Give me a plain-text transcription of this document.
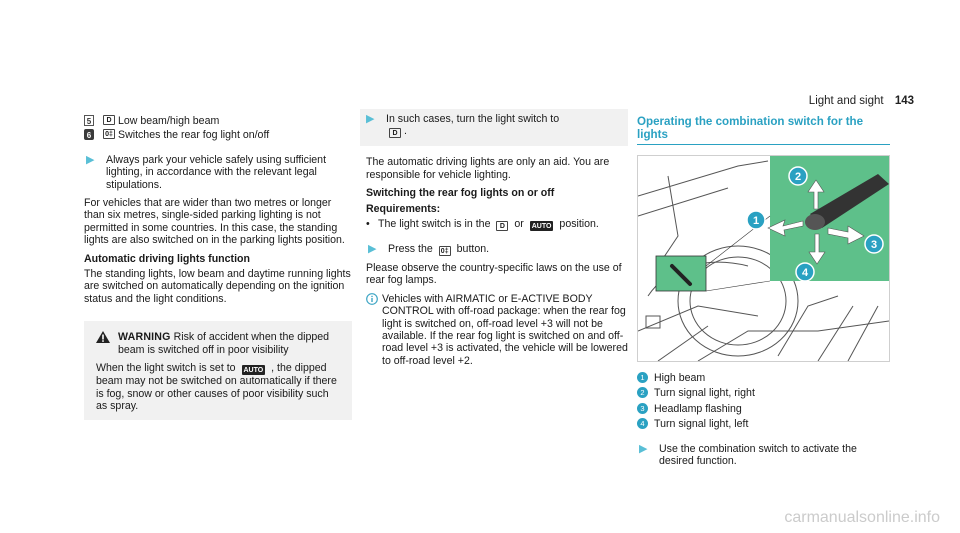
Light and sight 143
5	D Low beam/high beam
6	0‡ Switches the rear fog light on/off
▶	Always park your vehicle safely using sufficient lighting, in accordance with the relevant legal stipulations.

For vehicles that are wider than two metres or longer than six metres, single-sided parking lighting is not permitted in some countries. In this case, the standing lights are also switched on in the parking lights position.

Automatic driving lights function

The standing lights, low beam and daytime running lights are switched on automatically depending on the ignition status and the light conditions.

WARNING Risk of accident when the dipped beam is switched off in poor visibility
When the light switch is set to AUTO , the dipped beam may not be switched on automatically if there is fog, snow or other causes of poor visibility such as spray.
▶	In such cases, turn the light switch to
D .

The automatic driving lights are only an aid. You are responsible for vehicle lighting.

Switching the rear fog lights on or off
Requirements:
• The light switch is in the D or AUTO position.
▶	Press the 0‡ button.

Please observe the country-specific laws on the use of rear fog lamps.

Vehicles with AIRMATIC or E-ACTIVE BODY CONTROL with off-road package: when the rear fog light is switched on, off-road level +3 will not be available. If the rear fog light is switched on and off-road level +3 is activated, the vehicle will be lowered to off-road level +2.
Operating the combination switch for the lights
1
2
3
4
1 High beam
2 Turn signal light, right
3 Headlamp flashing
4 Turn signal light, left
▶	Use the combination switch to activate the desired function.
carmanualsonline.info
